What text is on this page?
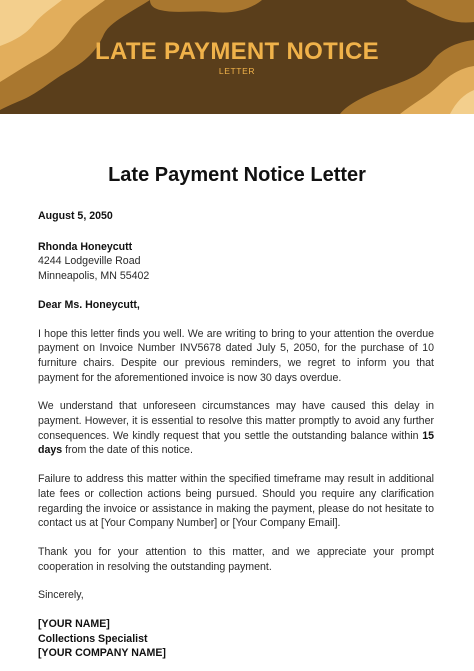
LATE PAYMENT NOTICE
LETTER
Late Payment Notice Letter

August 5, 2050

Rhonda Honeycutt

4244 Lodgeville Road

Minneapolis, MN 55402

Dear Ms. Honeycutt,

I hope this letter finds you well. We are writing to bring to your attention the overdue payment on Invoice Number INV5678 dated July 5, 2050, for the purchase of 10 furniture chairs. Despite our previous reminders, we regret to inform you that payment for the aforementioned invoice is now 30 days overdue.

We understand that unforeseen circumstances may have caused this delay in payment. However, it is essential to resolve this matter promptly to avoid any further consequences. We kindly request that you settle the outstanding balance within 15 days from the date of this notice.

Failure to address this matter within the specified timeframe may result in additional late fees or collection actions being pursued. Should you require any clarification regarding the invoice or assistance in making the payment, please do not hesitate to contact us at [Your Company Number] or [Your Company Email].

Thank you for your attention to this matter, and we appreciate your prompt cooperation in resolving the outstanding payment.

Sincerely,

[YOUR NAME]

Collections Specialist

[YOUR COMPANY NAME]
